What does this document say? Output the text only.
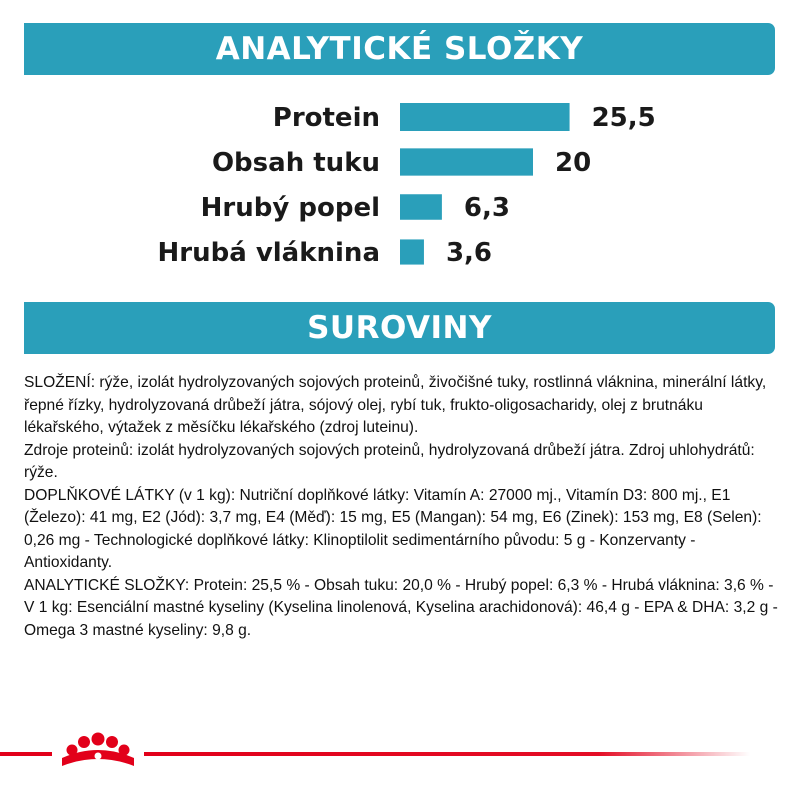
ANALYTICKÉ SLOŽKY
Protein	25,5
Obsah tuku	20
Hrubý popel	6,3
Hrubá vláknina	3,6
SUROVINY

SLOŽENÍ: rýže, izolát hydrolyzovaných sojových proteinů, živočišné tuky, rostlinná vláknina, minerální látky, řepné řízky, hydrolyzovaná drůbeží játra, sójový olej, rybí tuk, frukto-oligosacharidy, olej z brutnáku lékařského, výtažek z měsíčku lékařského (zdroj luteinu).

Zdroje proteinů: izolát hydrolyzovaných sojových proteinů, hydrolyzovaná drůbeží játra. Zdroj uhlohydrátů: rýže.

DOPLŇKOVÉ LÁTKY (v 1 kg): Nutriční doplňkové látky: Vitamín A: 27000 mj., Vitamín D3: 800 mj., E1 (Železo): 41 mg, E2 (Jód): 3,7 mg, E4 (Měď): 15 mg, E5 (Mangan): 54 mg, E6 (Zinek): 153 mg, E8 (Selen): 0,26 mg - Technologické doplňkové látky: Klinoptilolit sedimentárního původu: 5 g - Konzervanty - Antioxidanty.

ANALYTICKÉ SLOŽKY: Protein: 25,5 % - Obsah tuku: 20,0 % - Hrubý popel: 6,3 % - Hrubá vláknina: 3,6 % - V 1 kg: Esenciální mastné kyseliny (Kyselina linolenová, Kyselina arachidonová): 46,4 g - EPA & DHA: 3,2 g - Omega 3 mastné kyseliny: 9,8 g.
